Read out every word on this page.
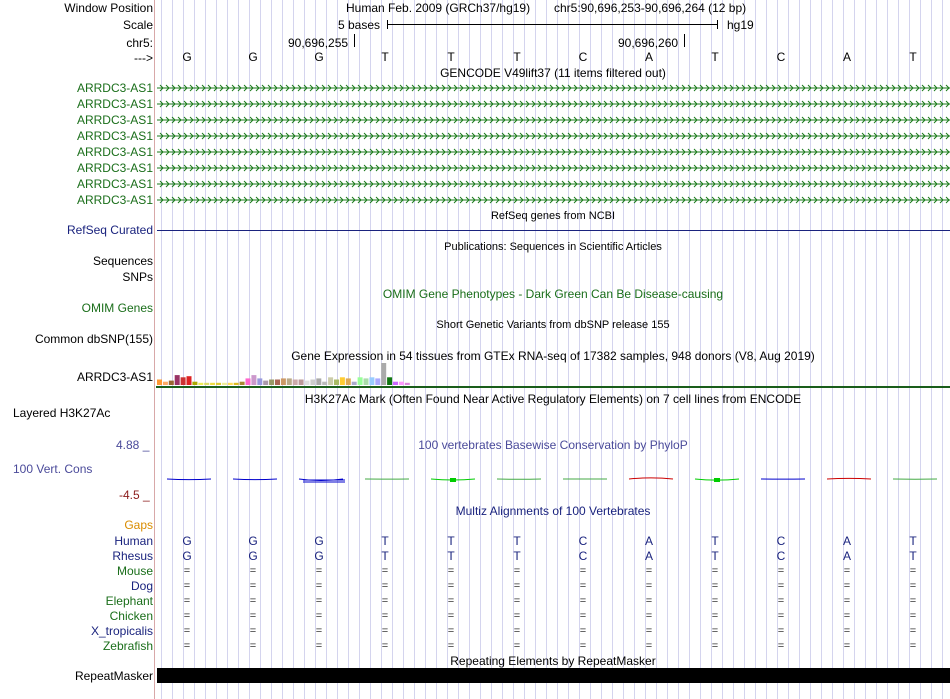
Window Position
Scale
chr5:
--->
Human Feb. 2009 (GRCh37/hg19) chr5:90,696,253-90,696,264 (12 bp)
5 bases	hg19
90,696,255	90,696,260
G	G	G	T	T	T	C	A	T	C	A	T
GENCODE V49lift37 (11 items filtered out)
ARRDC3-AS1
ARRDC3-AS1
ARRDC3-AS1
ARRDC3-AS1
ARRDC3-AS1
ARRDC3-AS1
ARRDC3-AS1
ARRDC3-AS1
RefSeq genes from NCBI
RefSeq Curated
Publications: Sequences in Scientific Articles
Sequences
SNPs
OMIM Gene Phenotypes - Dark Green Can Be Disease-causing
OMIM Genes
Short Genetic Variants from dbSNP release 155
Common dbSNP(155)
Gene Expression in 54 tissues from GTEx RNA-seq of 17382 samples, 948 donors (V8, Aug 2019)
ARRDC3-AS1
H3K27Ac Mark (Often Found Near Active Regulatory Elements) on 7 cell lines from ENCODE
Layered H3K27Ac
4.88 _	100 vertebrates Basewise Conservation by PhyloP
100 Vert. Cons
-4.5 _
Multiz Alignments of 100 Vertebrates
Gaps
Human	G	G	G	T	T	T	C	A	T	C	A	T
Rhesus	G	G	G	T	T	T	C	A	T	C	A	T
Mouse	=	=	=	=	=	=	=	=	=	=	=	=
Dog	=	=	=	=	=	=	=	=	=	=	=	=
Elephant	=	=	=	=	=	=	=	=	=	=	=	=
Chicken	=	=	=	=	=	=	=	=	=	=	=	=
X_tropicalis	=	=	=	=	=	=	=	=	=	=	=	=
Zebrafish	=	=	=	=	=	=	=	=	=	=	=	=
Repeating Elements by RepeatMasker
RepeatMasker
